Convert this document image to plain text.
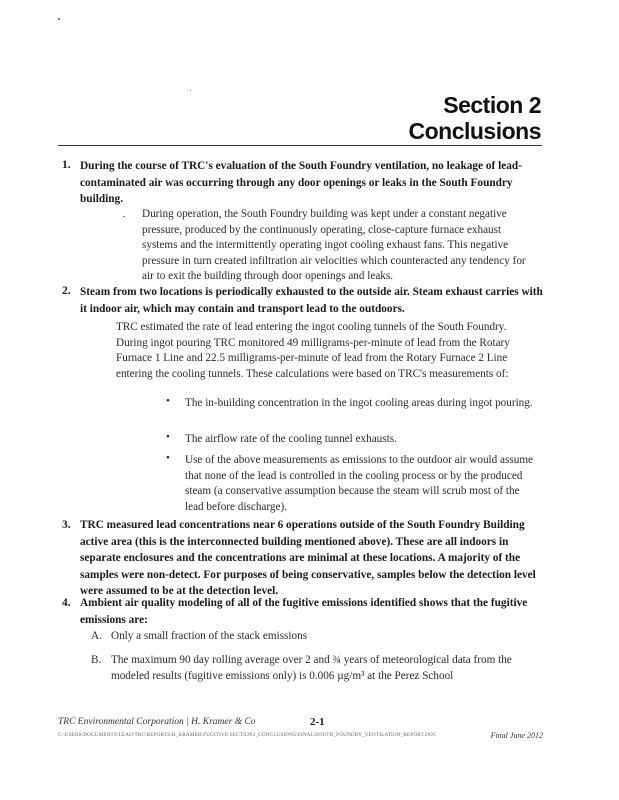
Section 2
Conclusions
1. During the course of TRC's evaluation of the South Foundry ventilation, no leakage of lead- contaminated air was occurring through any door openings or leaks in the South Foundry building.

· During operation, the South Foundry building was kept under a constant negative pressure, produced by the continuously operating, close-capture furnace exhaust systems and the intermittently operating ingot cooling exhaust fans. This negative pressure in turn created infiltration air velocities which counteracted any tendency for air to exit the building through door openings and leaks.

2. Steam from two locations is periodically exhausted to the outside air. Steam exhaust carries with it indoor air, which may contain and transport lead to the outdoors.

TRC estimated the rate of lead entering the ingot cooling tunnels of the South Foundry. During ingot pouring TRC monitored 49 milligrams-per-minute of lead from the Rotary Furnace 1 Line and 22.5 milligrams-per-minute of lead from the Rotary Furnace 2 Line entering the cooling tunnels. These calculations were based on TRC's measurements of:

• The in-building concentration in the ingot cooling areas during ingot pouring.

• The airflow rate of the cooling tunnel exhausts.

• Use of the above measurements as emissions to the outdoor air would assume that none of the lead is controlled in the cooling process or by the produced steam (a conservative assumption because the steam will scrub most of the lead before discharge).

3. TRC measured lead concentrations near 6 operations outside of the South Foundry Building active area (this is the interconnected building mentioned above). These are all indoors in separate enclosures and the concentrations are minimal at these locations. A majority of the samples were non-detect. For purposes of being conservative, samples below the detection level were assumed to be at the detection level.

4. Ambient air quality modeling of all of the fugitive emissions identified shows that the fugitive emissions are:

A. Only a small fraction of the stack emissions

B. The maximum 90 day rolling average over 2 and ¾ years of meteorological data from the modeled results (fugitive emissions only) is 0.006 µg/m³ at the Perez School

TRC Environmental Corporation | H. Kramer & Co	2-1
C:\USERS\DOCUMENTS\LEAD\TRC\REPORTS\H_KRAMER\FUGITIVE\SECTION2_CONCLUSIONS\FINAL\SOUTH_FOUNDRY_VENTILATION_REPORT.DOC	Final June 2012
